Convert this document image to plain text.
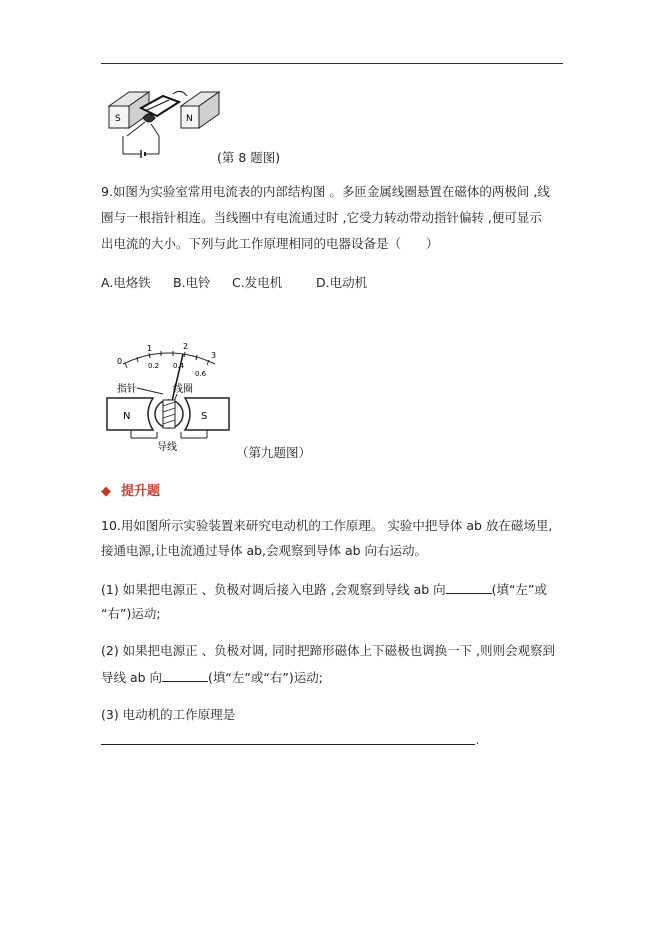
S	N
(第 8 题图)
9.如图为实验室常用电流表的内部结构图 。多匝金属线圈悬置在磁体的两极间 ,线
圈与一根指针相连。当线圈中有电流通过时 ,它受力转动带动指针偏转 ,便可显示
出电流的大小。下列与此工作原理相同的电器设备是（　　）
A.电烙铁 B.电铃 C.发电机	D.电动机
0
1	2
3
0.2 0.4
0.6
指针	线圈
N	S
导线	（第九题图）
◆ 提升题
10.用如图所示实验装置来研究电动机的工作原理。 实验中把导体 ab 放在磁场里,
接通电源,让电流通过导体 ab,会观察到导体 ab 向右运动。
(1) 如果把电源正 、负极对调后接入电路 ,会观察到导线 ab 向	(填“左”或
“右”)运动;
(2) 如果把电源正 、负极对调, 同时把蹄形磁体上下磁极也调换一下 ,则则会观察到
导线 ab 向	(填“左”或“右”)运动;
(3) 电动机的工作原理是
.
